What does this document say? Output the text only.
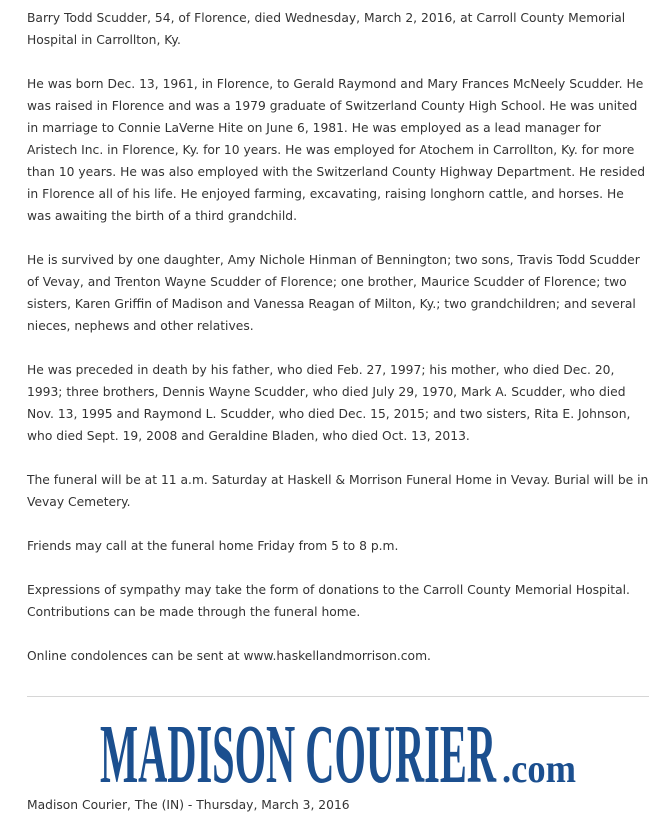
Barry Todd Scudder, 54, of Florence, died Wednesday, March 2, 2016, at Carroll County Memorial Hospital in Carrollton, Ky.

He was born Dec. 13, 1961, in Florence, to Gerald Raymond and Mary Frances McNeely Scudder. He was raised in Florence and was a 1979 graduate of Switzerland County High School. He was united in marriage to Connie LaVerne Hite on June 6, 1981. He was employed as a lead manager for Aristech Inc. in Florence, Ky. for 10 years. He was employed for Atochem in Carrollton, Ky. for more than 10 years. He was also employed with the Switzerland County Highway Department. He resided in Florence all of his life. He enjoyed farming, excavating, raising longhorn cattle, and horses. He was awaiting the birth of a third grandchild.

He is survived by one daughter, Amy Nichole Hinman of Bennington; two sons, Travis Todd Scudder of Vevay, and Trenton Wayne Scudder of Florence; one brother, Maurice Scudder of Florence; two sisters, Karen Griffin of Madison and Vanessa Reagan of Milton, Ky.; two grandchildren; and several nieces, nephews and other relatives.

He was preceded in death by his father, who died Feb. 27, 1997; his mother, who died Dec. 20, 1993; three brothers, Dennis Wayne Scudder, who died July 29, 1970, Mark A. Scudder, who died Nov. 13, 1995 and Raymond L. Scudder, who died Dec. 15, 2015; and two sisters, Rita E. Johnson, who died Sept. 19, 2008 and Geraldine Bladen, who died Oct. 13, 2013.

The funeral will be at 11 a.m. Saturday at Haskell & Morrison Funeral Home in Vevay. Burial will be in Vevay Cemetery.

Friends may call at the funeral home Friday from 5 to 8 p.m.

Expressions of sympathy may take the form of donations to the Carroll County Memorial Hospital. Contributions can be made through the funeral home.

Online condolences can be sent at www.haskellandmorrison.com.

MADISON COURIER .com
Madison Courier, The (IN) - Thursday, March 3, 2016
